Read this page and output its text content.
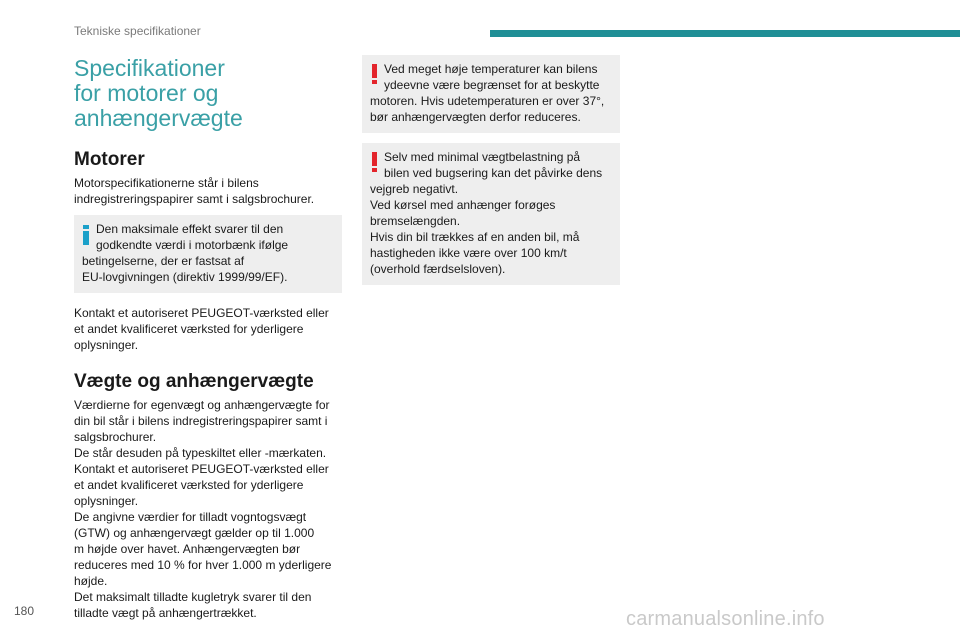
Tekniske specifikationer
Specifikationer
for motorer og
anhængervægte
Motorer

Motorspecifikationerne står i bilens
indregistreringspapirer samt i salgsbrochurer.

Den maksimale effekt svarer til den
godkendte værdi i motorbænk ifølge
betingelserne, der er fastsat af
EU-lovgivningen (direktiv 1999/99/EF).

Kontakt et autoriseret PEUGEOT-værksted eller
et andet kvalificeret værksted for yderligere
oplysninger.

Vægte og anhængervægte

Værdierne for egenvægt og anhængervægte for
din bil står i bilens indregistreringspapirer samt i
salgsbrochurer.
De står desuden på typeskiltet eller -mærkaten.
Kontakt et autoriseret PEUGEOT-værksted eller
et andet kvalificeret værksted for yderligere
oplysninger.
De angivne værdier for tilladt vogntogsvægt
(GTW) og anhængervægt gælder op til 1.000
m højde over havet. Anhængervægten bør
reduceres med 10 % for hver 1.000 m yderligere
højde.
Det maksimalt tilladte kugletryk svarer til den
tilladte vægt på anhængertrækket.

Ved meget høje temperaturer kan bilens
ydeevne være begrænset for at beskytte
motoren. Hvis udetemperaturen er over 37°,
bør anhængervægten derfor reduceres.
Selv med minimal vægtbelastning på
bilen ved bugsering kan det påvirke dens
vejgreb negativt.
Ved kørsel med anhænger forøges
bremselængden.
Hvis din bil trækkes af en anden bil, må
hastigheden ikke være over 100 km/t
(overhold færdselsloven).
180	carmanualsonline.info
